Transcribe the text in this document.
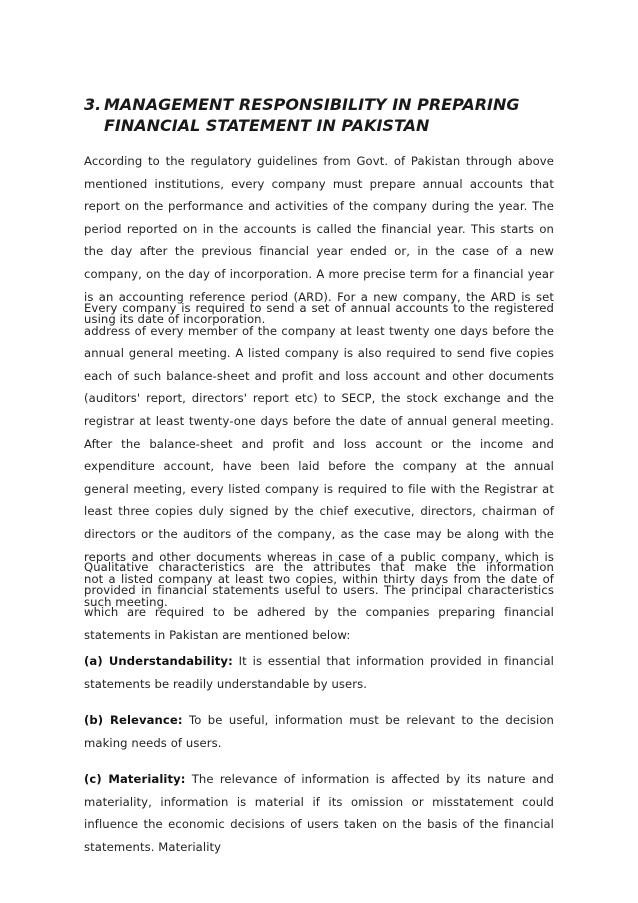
3. MANAGEMENT RESPONSIBILITY IN PREPARING
FINANCIAL STATEMENT IN PAKISTAN

According to the regulatory guidelines from Govt. of Pakistan through above mentioned institutions, every company must prepare annual accounts that report on the performance and activities of the company during the year. The period reported on in the accounts is called the financial year. This starts on the day after the previous financial year ended or, in the case of a new company, on the day of incorporation. A more precise term for a financial year is an accounting reference period (ARD). For a new company, the ARD is set using its date of incorporation.

Every company is required to send a set of annual accounts to the registered address of every member of the company at least twenty one days before the annual general meeting. A listed company is also required to send five copies each of such balance-sheet and profit and loss account and other documents (auditors' report, directors' report etc) to SECP, the stock exchange and the registrar at least twenty-one days before the date of annual general meeting. After the balance-sheet and profit and loss account or the income and expenditure account, have been laid before the company at the annual general meeting, every listed company is required to file with the Registrar at least three copies duly signed by the chief executive, directors, chairman of directors or the auditors of the company, as the case may be along with the reports and other documents whereas in case of a public company, which is not a listed company at least two copies, within thirty days from the date of such meeting.

Qualitative characteristics are the attributes that make the information provided in financial statements useful to users. The principal characteristics which are required to be adhered by the companies preparing financial statements in Pakistan are mentioned below:

(a) Understandability: It is essential that information provided in financial statements be readily understandable by users.

(b) Relevance: To be useful, information must be relevant to the decision making needs of users.

(c) Materiality: The relevance of information is affected by its nature and materiality, information is material if its omission or misstatement could influence the economic decisions of users taken on the basis of the financial statements. Materiality
